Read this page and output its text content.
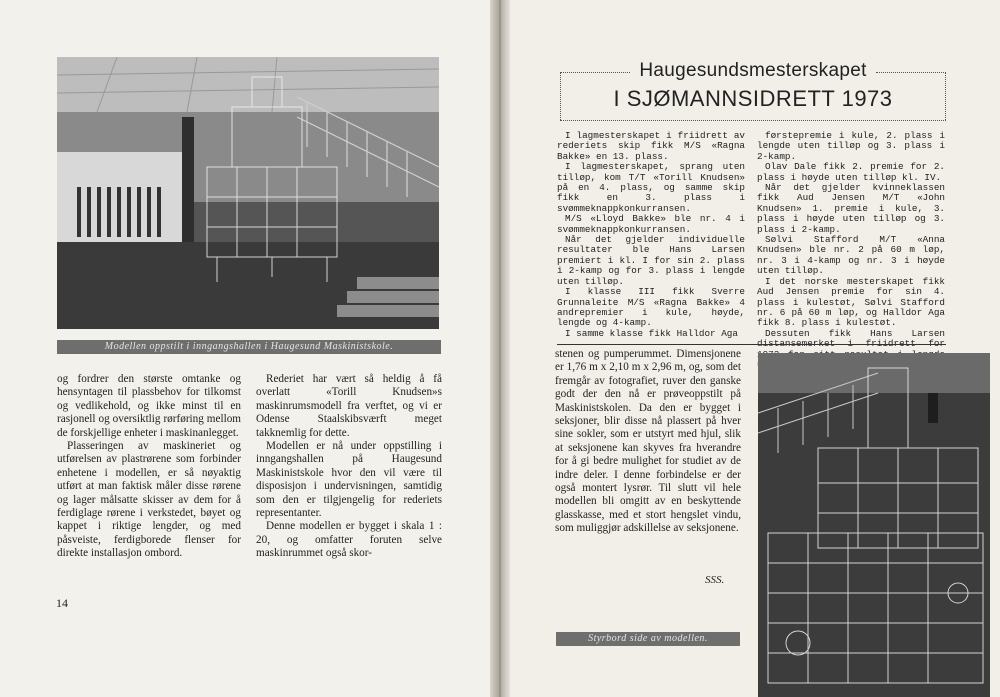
Modellen oppstilt i inngangshallen i Haugesund Maskinistskole.

og fordrer den største omtanke og hensyntagen til plassbehov for tilkomst og vedlikehold, og ikke minst til en rasjonell og oversiktlig rørføring mellom de forskjellige enheter i maskinanlegget.

Plasseringen av maskineriet og utførelsen av plastrørene som forbinder enhetene i modellen, er så nøyaktig utført at man faktisk måler disse rørene og lager målsatte skisser av dem for å ferdiglage rørene i verkstedet, bøyet og kappet i riktige lengder, og med påsveiste, ferdigborede flenser for direkte installasjon ombord.

Rederiet har vært så heldig å få overlatt «Torill Knudsen»s maskinrumsmodell fra verftet, og vi er Odense Staalskibsværft meget takknemlig for dette.

Modellen er nå under oppstilling i inngangshallen på Haugesund Maskinistskole hvor den vil være til disposisjon i undervisningen, samtidig som den er tilgjengelig for rederiets representanter.

Denne modellen er bygget i skala 1 : 20, og omfatter foruten selve maskinrummet også skor-

14
Haugesundsmesterskapet
I SJØMANNSIDRETT 1973

I lagmesterskapet i friidrett av rederiets skip fikk M/S «Ragna Bakke» en 13. plass.

I lagmesterskapet, sprang uten tilløp, kom T/T «Torill Knudsen» på en 4. plass, og samme skip fikk en 3. plass i svømmeknappkonkurransen.

M/S «Lloyd Bakke» ble nr. 4 i svømmeknappkonkurransen.

Når det gjelder individuelle resultater ble Hans Larsen premiert i kl. I for sin 2. plass i 2-kamp og for 3. plass i lengde uten tilløp.

I klasse III fikk Sverre Grunnaleite M/S «Ragna Bakke» 4 andrepremier i kule, høyde, lengde og 4-kamp.

I samme klasse fikk Halldor Aga

førstepremie i kule, 2. plass i lengde uten tilløp og 3. plass i 2-kamp.

Olav Dale fikk 2. premie for 2. plass i høyde uten tilløp kl. IV.

Når det gjelder kvinneklassen fikk Aud Jensen M/T «John Knudsen» 1. premie i kule, 3. plass i høyde uten tilløp og 3. plass i 2-kamp.

Sølvi Stafford M/T «Anna Knudsen» ble nr. 2 på 60 m løp, nr. 3 i 4-kamp og nr. 3 i høyde uten tilløp.

I det norske mesterskapet fikk Aud Jensen premie for sin 4. plass i kulestøt, Sølvi Stafford nr. 6 på 60 m løp, og Halldor Aga fikk 8. plass i kulestøt.

Dessuten fikk Hans Larsen distansemerket i friidrett for

stenen og pumperummet. Dimensjonene er 1,76 m x 2,10 m x 2,96 m, og, som det fremgår av fotografiet, ruver den ganske godt der den nå er prøveoppstilt på Maskinistskolen. Da den er bygget i seksjoner, blir disse nå plassert på hver sine sokler, som er utstyrt med hjul, slik at seksjonene kan skyves fra hverandre for å gi bedre mulighet for studiet av de indre deler. I denne forbindelse er der også montert lysrør. Til slutt vil hele modellen bli omgitt av en beskyttende glasskasse, med et stort hengslet vindu, som muliggjør adskillelse av seksjonene.

SSS.
Styrbord side av modellen.
